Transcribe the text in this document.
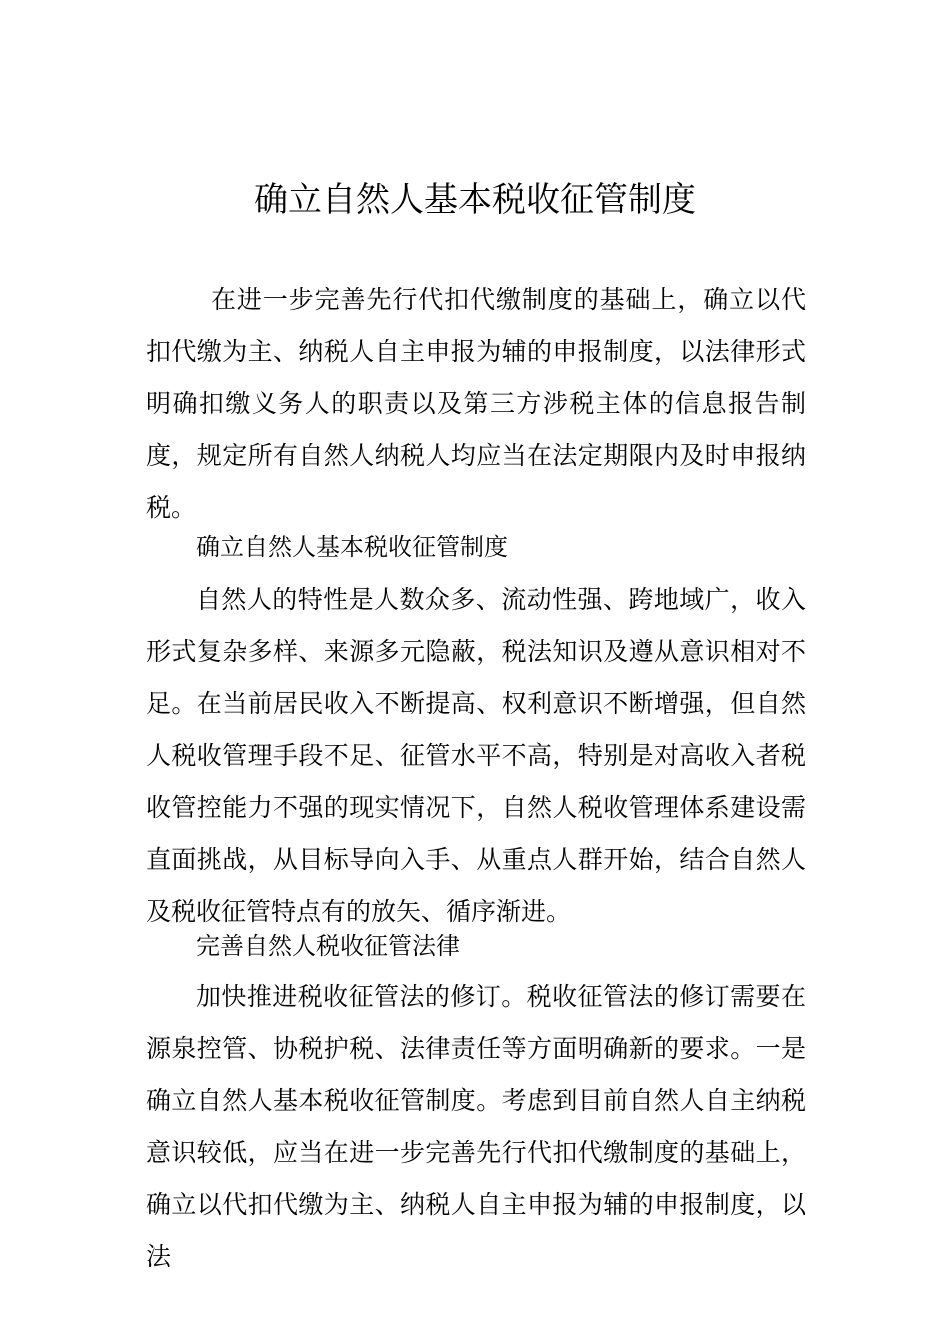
确立自然人基本税收征管制度

在进一步完善先行代扣代缴制度的基础上，确立以代扣代缴为主、纳税人自主申报为辅的申报制度，以法律形式明确扣缴义务人的职责以及第三方涉税主体的信息报告制度，规定所有自然人纳税人均应当在法定期限内及时申报纳税。

确立自然人基本税收征管制度

自然人的特性是人数众多、流动性强、跨地域广，收入形式复杂多样、来源多元隐蔽，税法知识及遵从意识相对不足。在当前居民收入不断提高、权利意识不断增强，但自然人税收管理手段不足、征管水平不高，特别是对高收入者税收管控能力不强的现实情况下，自然人税收管理体系建设需直面挑战，从目标导向入手、从重点人群开始，结合自然人及税收征管特点有的放矢、循序渐进。

完善自然人税收征管法律

加快推进税收征管法的修订。税收征管法的修订需要在源泉控管、协税护税、法律责任等方面明确新的要求。一是确立自然人基本税收征管制度。考虑到目前自然人自主纳税意识较低，应当在进一步完善先行代扣代缴制度的基础上，确立以代扣代缴为主、纳税人自主申报为辅的申报制度，以法
